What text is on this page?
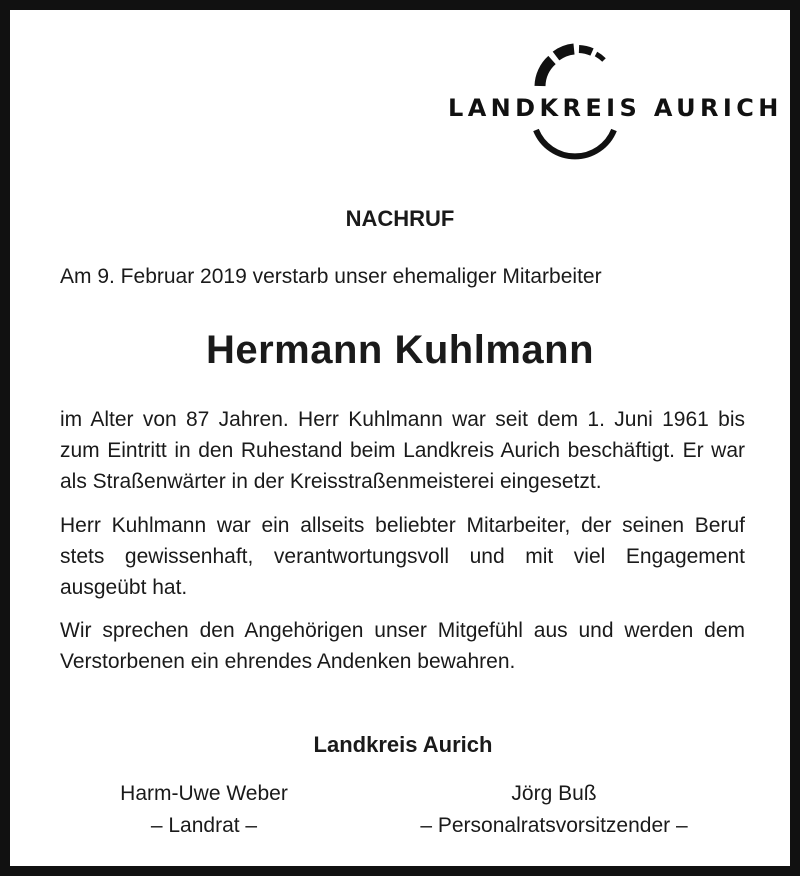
LANDKREIS AURICH
NACHRUF
Am 9. Februar 2019 verstarb unser ehemaliger Mitarbeiter
Hermann Kuhlmann
im Alter von 87 Jahren. Herr Kuhlmann war seit dem 1. Juni 1961 bis zum Eintritt in den Ruhestand beim Landkreis Aurich beschäftigt. Er war als Straßenwärter in der Kreisstraßenmeisterei eingesetzt.
Herr Kuhlmann war ein allseits beliebter Mitarbeiter, der seinen Beruf stets gewissenhaft, verantwortungsvoll und mit viel Engagement ausgeübt hat.
Wir sprechen den Angehörigen unser Mitgefühl aus und werden dem Verstorbenen ein ehrendes Andenken bewahren.
Landkreis Aurich
Harm-Uwe Weber
– Landrat –
Jörg Buß
– Personalratsvorsitzender –
